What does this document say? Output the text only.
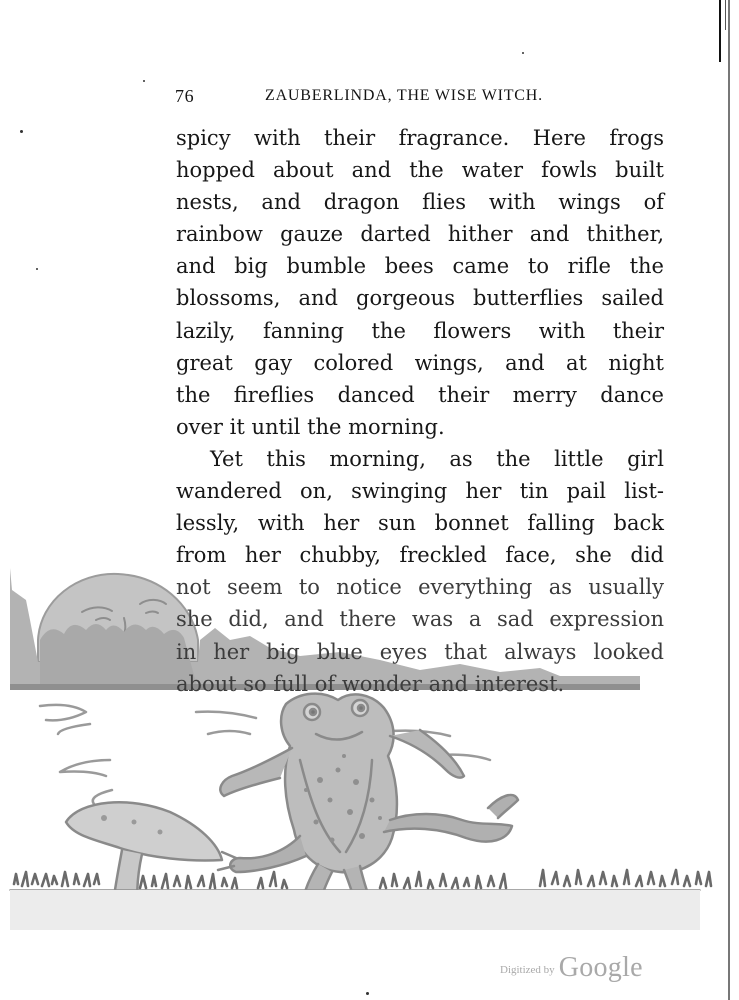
76	ZAUBERLINDA, THE WISE WITCH.
spicy with their fragrance. Here frogs
hopped about and the water fowls built
nests, and dragon flies with wings of
rainbow gauze darted hither and thither,
and big bumble bees came to rifle the
blossoms, and gorgeous butterflies sailed
lazily, fanning the flowers with their
great gay colored wings, and at night
the fireflies danced their merry dance
over it until the morning.
Yet this morning, as the little girl
wandered on, swinging her tin pail list-
lessly, with her sun bonnet falling back
from her chubby, freckled face, she did
not seem to notice everything as usually
she did, and there was a sad expression
in her big blue eyes that always looked
about so full of wonder and interest.
Digitized by Google
